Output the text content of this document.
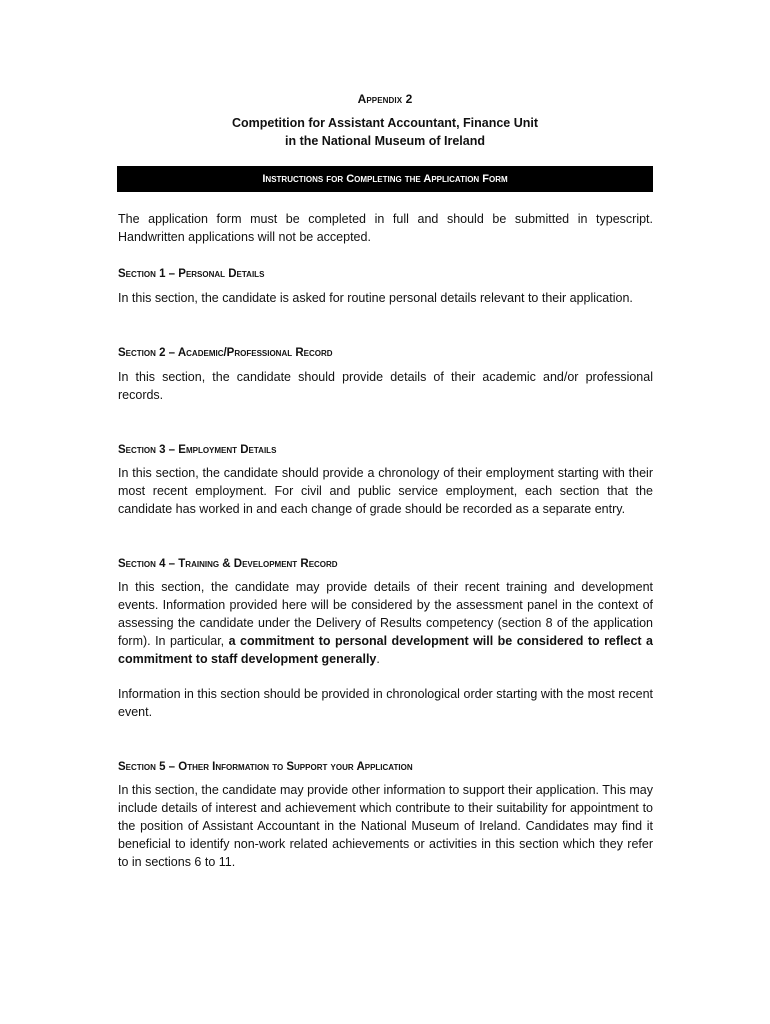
Appendix 2
Competition for Assistant Accountant, Finance Unit
in the National Museum of Ireland
Instructions for Completing the Application Form
The application form must be completed in full and should be submitted in typescript. Handwritten applications will not be accepted.
Section 1 – Personal Details
In this section, the candidate is asked for routine personal details relevant to their application.
Section 2 – Academic/Professional Record
In this section, the candidate should provide details of their academic and/or professional records.
Section 3 – Employment Details
In this section, the candidate should provide a chronology of their employment starting with their most recent employment. For civil and public service employment, each section that the candidate has worked in and each change of grade should be recorded as a separate entry.
Section 4 – Training & Development Record
In this section, the candidate may provide details of their recent training and development events. Information provided here will be considered by the assessment panel in the context of assessing the candidate under the Delivery of Results competency (section 8 of the application form). In particular, a commitment to personal development will be considered to reflect a commitment to staff development generally.
Information in this section should be provided in chronological order starting with the most recent event.
Section 5 – Other Information to Support your Application
In this section, the candidate may provide other information to support their application. This may include details of interest and achievement which contribute to their suitability for appointment to the position of Assistant Accountant in the National Museum of Ireland. Candidates may find it beneficial to identify non-work related achievements or activities in this section which they refer to in sections 6 to 11.
